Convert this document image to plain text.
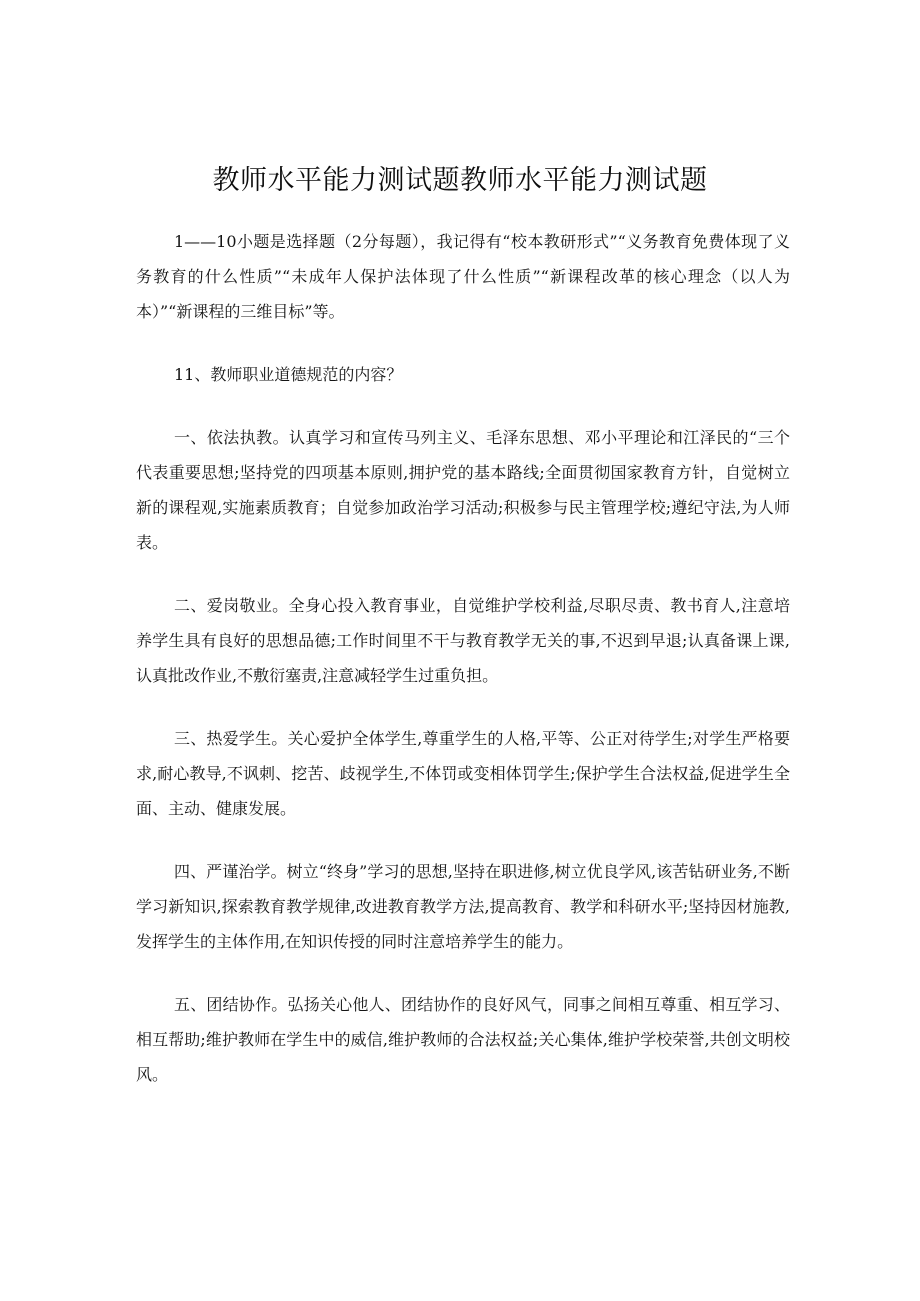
教师水平能力测试题教师水平能力测试题

1——10小题是选择题（2分每题），我记得有“校本教研形式”“义务教育免费体现了义务教育的什么性质”“未成年人保护法体现了什么性质”“新课程改革的核心理念（以人为本）”“新课程的三维目标”等。

11、教师职业道德规范的内容？

一、依法执教。认真学习和宣传马列主义、毛泽东思想、邓小平理论和江泽民的“三个代表重要思想;坚持党的四项基本原则,拥护党的基本路线;全面贯彻国家教育方针，自觉树立新的课程观,实施素质教育；自觉参加政治学习活动;积极参与民主管理学校;遵纪守法,为人师表。

二、爱岗敬业。全身心投入教育事业，自觉维护学校利益,尽职尽责、教书育人,注意培养学生具有良好的思想品德;工作时间里不干与教育教学无关的事,不迟到早退;认真备课上课,认真批改作业,不敷衍塞责,注意减轻学生过重负担。

三、热爱学生。关心爱护全体学生,尊重学生的人格,平等、公正对待学生;对学生严格要求,耐心教导,不讽刺、挖苦、歧视学生,不体罚或变相体罚学生;保护学生合法权益,促进学生全面、主动、健康发展。

四、严谨治学。树立“终身”学习的思想,坚持在职进修,树立优良学风,该苦钻研业务,不断学习新知识,探索教育教学规律,改进教育教学方法,提高教育、教学和科研水平;坚持因材施教,发挥学生的主体作用,在知识传授的同时注意培养学生的能力。

五、团结协作。弘扬关心他人、团结协作的良好风气，同事之间相互尊重、相互学习、相互帮助;维护教师在学生中的威信,维护教师的合法权益;关心集体,维护学校荣誉,共创文明校风。
